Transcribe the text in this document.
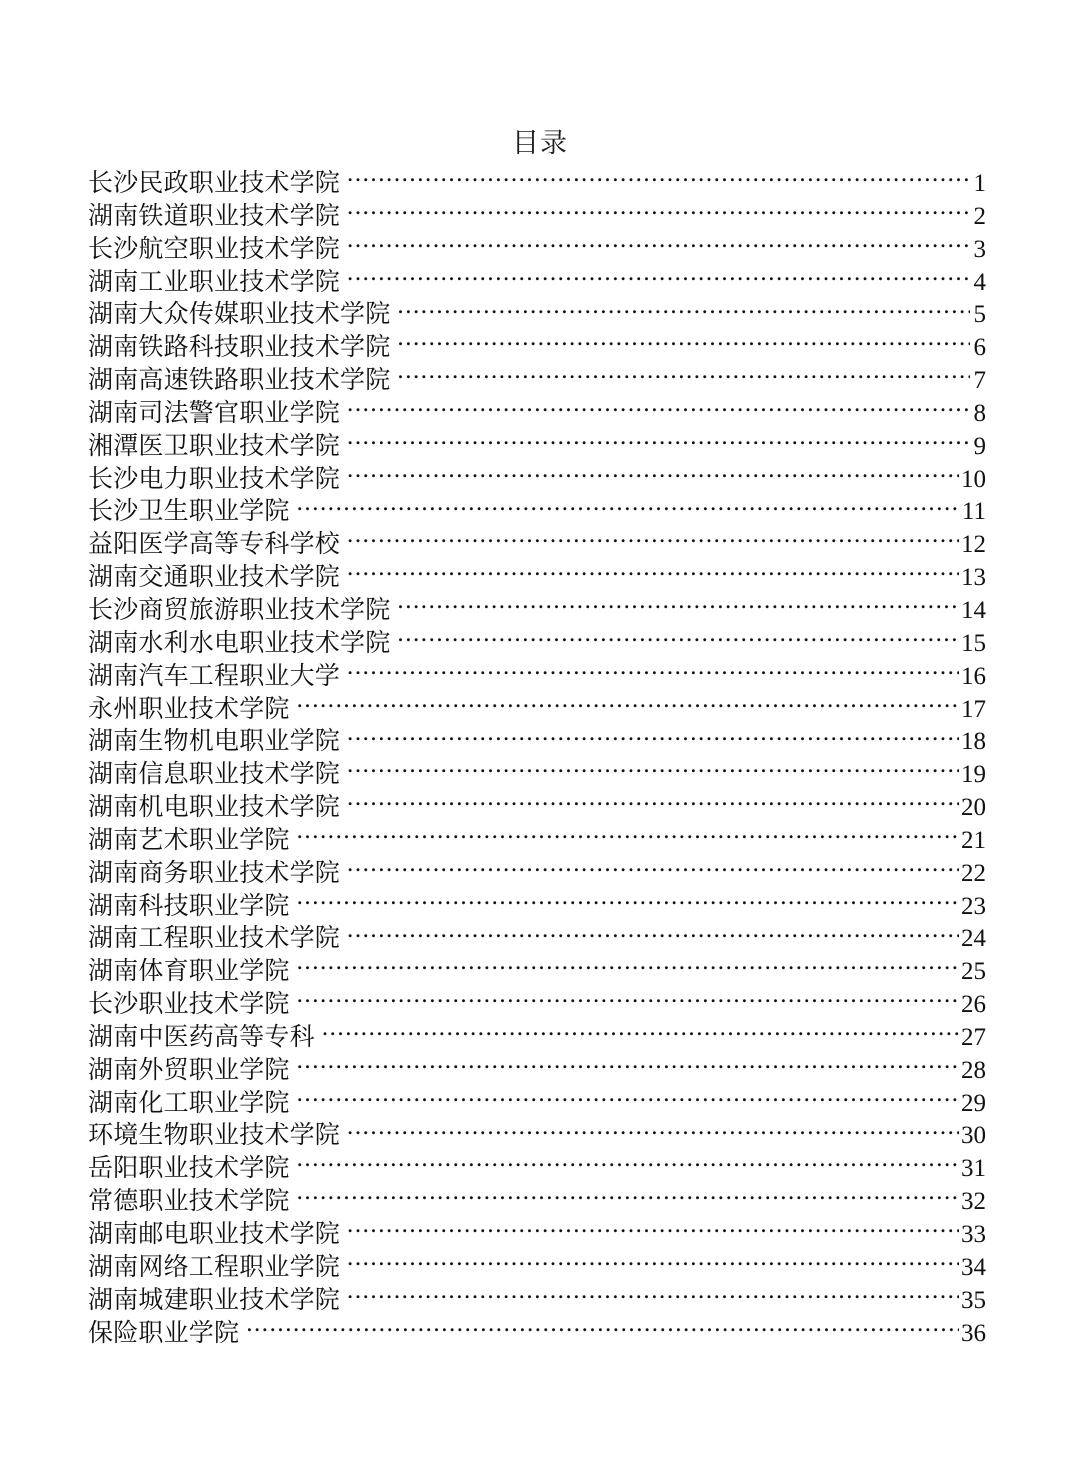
目录
长沙民政职业技术学院 .....	1
湖南铁道职业技术学院 .....	2
长沙航空职业技术学院 .....	3
湖南工业职业技术学院 .....	4
湖南大众传媒职业技术学院 .....	5
湖南铁路科技职业技术学院 .....	6
湖南高速铁路职业技术学院 .....	7
湖南司法警官职业学院 .....	8
湘潭医卫职业技术学院 .....	9
长沙电力职业技术学院 .....	10
长沙卫生职业学院 .....	11
益阳医学高等专科学校 .....	12
湖南交通职业技术学院 .....	13
长沙商贸旅游职业技术学院 .....	14
湖南水利水电职业技术学院 .....	15
湖南汽车工程职业大学 .....	16
永州职业技术学院 .....	17
湖南生物机电职业学院 .....	18
湖南信息职业技术学院 .....	19
湖南机电职业技术学院 .....	20
湖南艺术职业学院 .....	21
湖南商务职业技术学院 .....	22
湖南科技职业学院 .....	23
湖南工程职业技术学院 .....	24
湖南体育职业学院 .....	25
长沙职业技术学院 .....	26
湖南中医药高等专科 .....	27
湖南外贸职业学院 .....	28
湖南化工职业学院 .....	29
环境生物职业技术学院 .....	30
岳阳职业技术学院 .....	31
常德职业技术学院 .....	32
湖南邮电职业技术学院 .....	33
湖南网络工程职业学院 .....	34
湖南城建职业技术学院 .....	35
保险职业学院 .....	36
